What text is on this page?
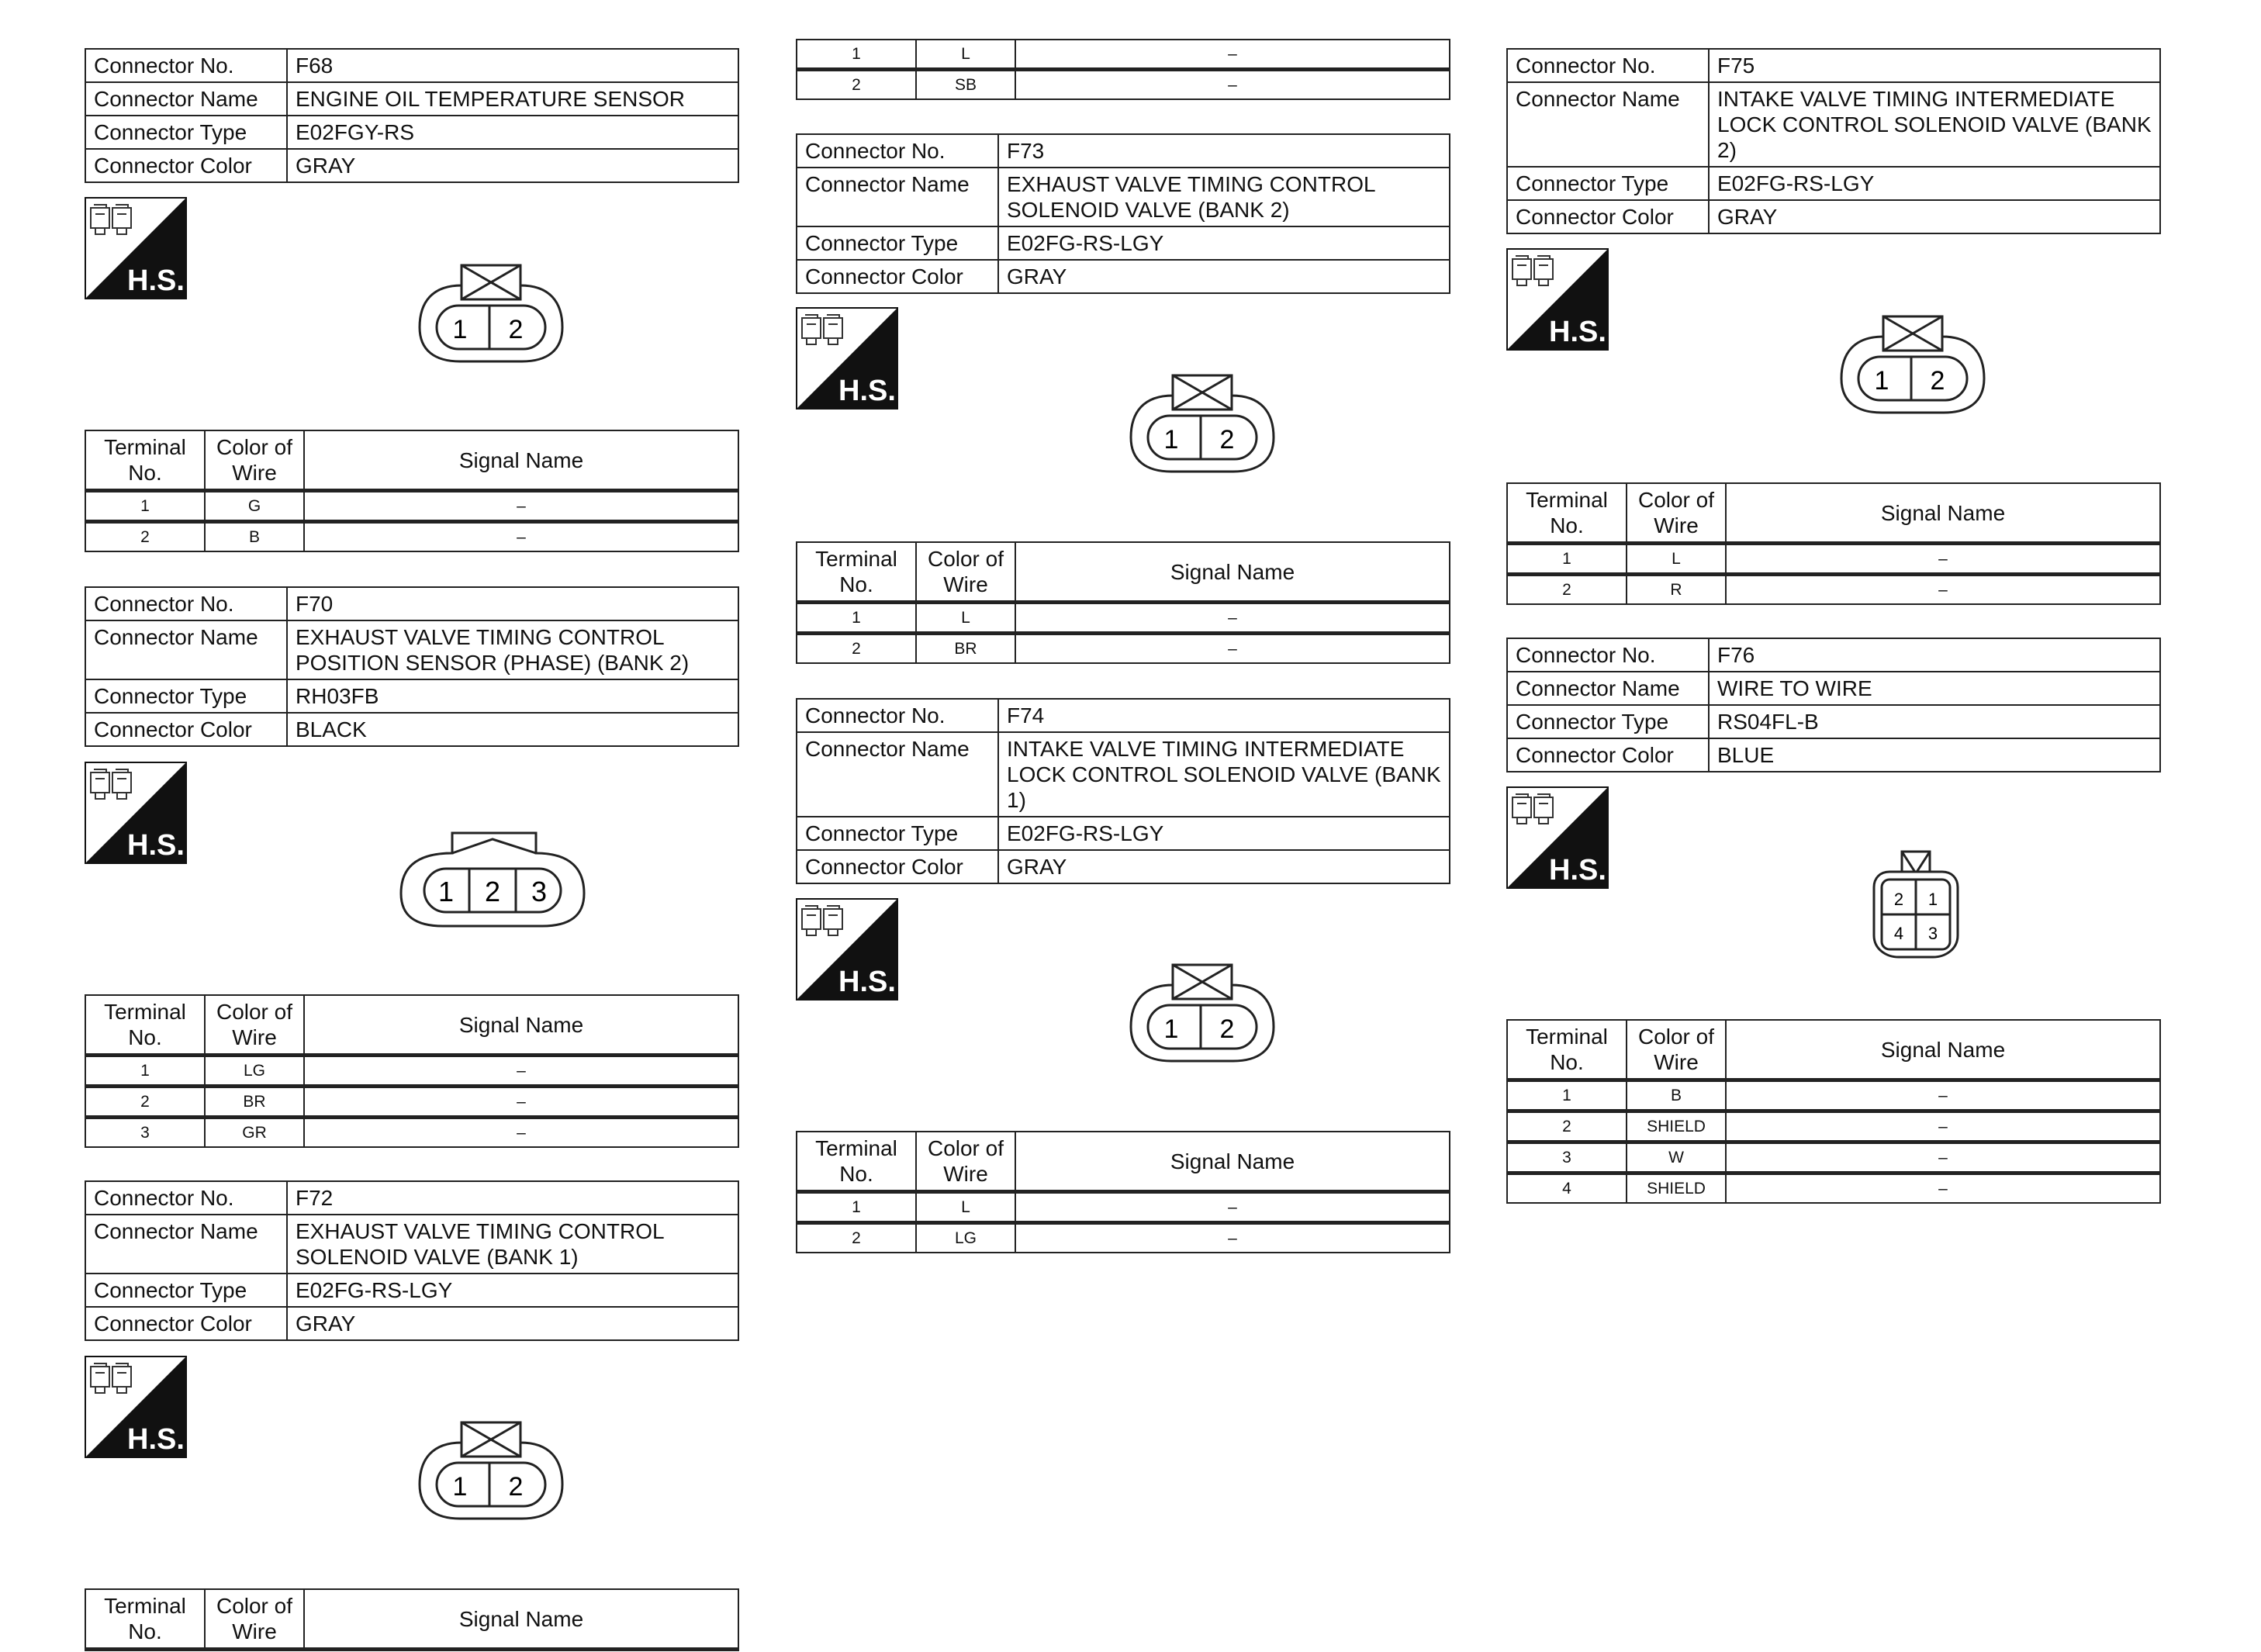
Connector No.	F68
Connector Name	ENGINE OIL TEMPERATURE SENSOR
Connector Type	E02FGY-RS
Connector Color	GRAY
1 2
Terminal No.	Color of Wire	Signal Name
1	G	–
2	B	–
Connector No.	F70
Connector Name	EXHAUST VALVE TIMING CONTROL POSITION SENSOR (PHASE) (BANK 2)
Connector Type	RH03FB
Connector Color	BLACK
1 2 3
Terminal No.	Color of Wire	Signal Name
1	LG	–
2	BR	–
3	GR	–
Connector No.	F72
Connector Name	EXHAUST VALVE TIMING CONTROL SOLENOID VALVE (BANK 1)
Connector Type	E02FG-RS-LGY
Connector Color	GRAY
1 2
Terminal No.	Color of Wire	Signal Name
1	L	–
2	SB	–
Connector No.	F73
Connector Name	EXHAUST VALVE TIMING CONTROL SOLENOID VALVE (BANK 2)
Connector Type	E02FG-RS-LGY
Connector Color	GRAY
1 2
Terminal No.	Color of Wire	Signal Name
1	L	–
2	BR	–
Connector No.	F74
Connector Name	INTAKE VALVE TIMING INTERMEDIATE LOCK CONTROL SOLENOID VALVE (BANK 1)
Connector Type	E02FG-RS-LGY
Connector Color	GRAY
1 2
Terminal No.	Color of Wire	Signal Name
1	L	–
2	LG	–
Connector No.	F75
Connector Name	INTAKE VALVE TIMING INTERMEDIATE LOCK CONTROL SOLENOID VALVE (BANK 2)
Connector Type	E02FG-RS-LGY
Connector Color	GRAY
1 2
Terminal No.	Color of Wire	Signal Name
1	L	–
2	R	–
Connector No.	F76
Connector Name	WIRE TO WIRE
Connector Type	RS04FL-B
Connector Color	BLUE
2 1
4 3
Terminal No.	Color of Wire	Signal Name
1	B	–
2	SHIELD	–
3	W	–
4	SHIELD	–
